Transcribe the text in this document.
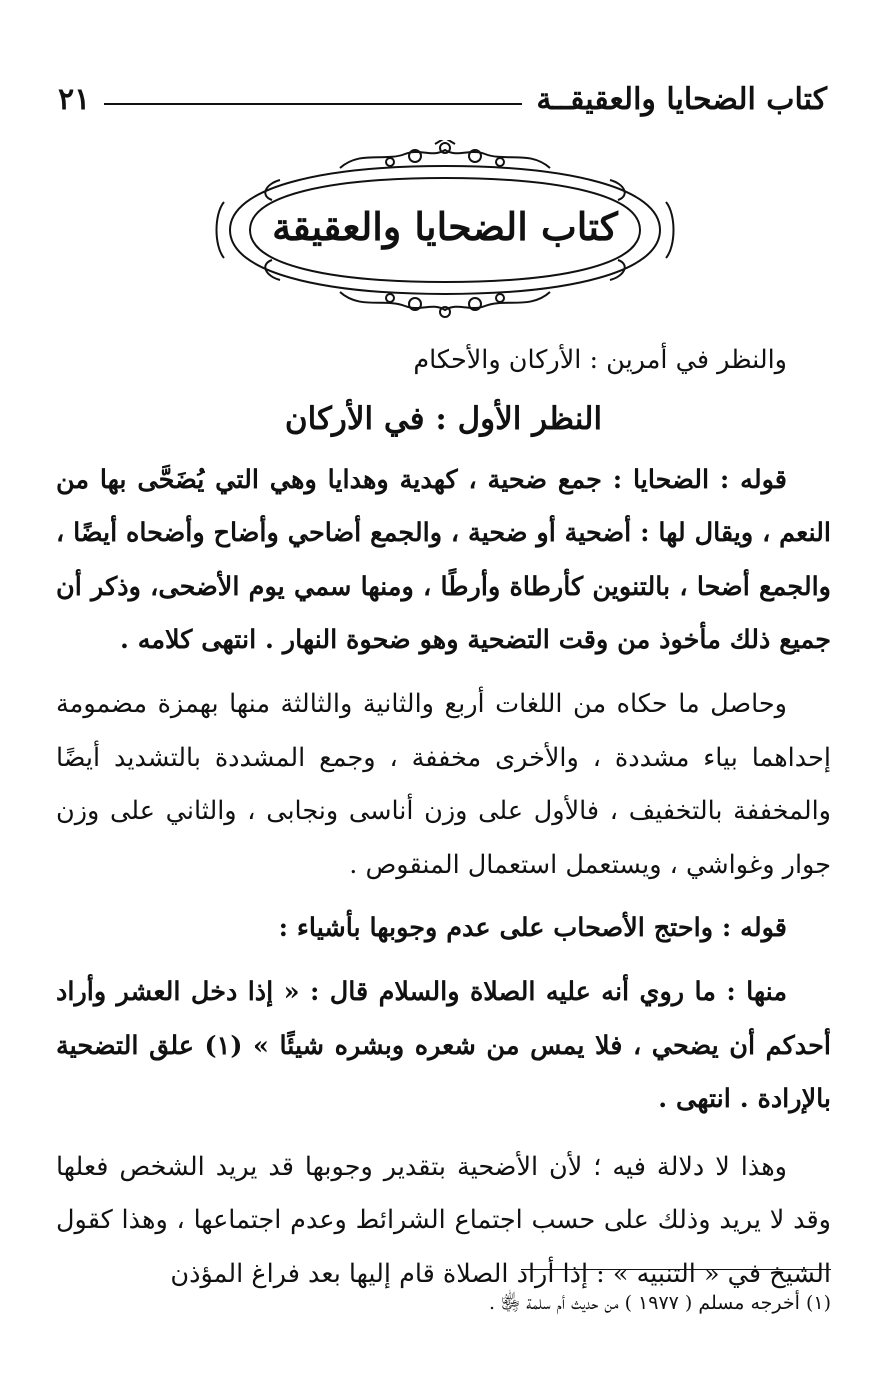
كتاب الضحايا والعقيقــة
٢١
كتاب الضحايا والعقيقة

والنظر في أمرين : الأركان والأحكام

النظر الأول : في الأركان

قوله : الضحايا : جمع ضحية ، كهدية وهدايا وهي التي يُضَحَّى بها من النعم ، ويقال لها : أضحية أو ضحية ، والجمع أضاحي وأضاح وأضحاه أيضًا ، والجمع أضحا ، بالتنوين كأرطاة وأرطًا ، ومنها سمي يوم الأضحى، وذكر أن جميع ذلك مأخوذ من وقت التضحية وهو ضحوة النهار . انتهى كلامه .

وحاصل ما حكاه من اللغات أربع والثانية والثالثة منها بهمزة مضمومة إحداهما بياء مشددة ، والأخرى مخففة ، وجمع المشددة بالتشديد أيضًا والمخففة بالتخفيف ، فالأول على وزن أناسى ونجابى ، والثاني على وزن جوار وغواشي ، ويستعمل استعمال المنقوص .

قوله : واحتج الأصحاب على عدم وجوبها بأشياء :

منها : ما روي أنه عليه الصلاة والسلام قال : « إذا دخل العشر وأراد أحدكم أن يضحي ، فلا يمس من شعره وبشره شيئًا » (١) علق التضحية بالإرادة . انتهى .

وهذا لا دلالة فيه ؛ لأن الأضحية بتقدير وجوبها قد يريد الشخص فعلها وقد لا يريد وذلك على حسب اجتماع الشرائط وعدم اجتماعها ، وهذا كقول الشيخ في « التنبيه » : إذا أراد الصلاة قام إليها بعد فراغ المؤذن

(١) أخرجه مسلم ( ١٩٧٧ ) من حديث أم سلمة ﵂ .
